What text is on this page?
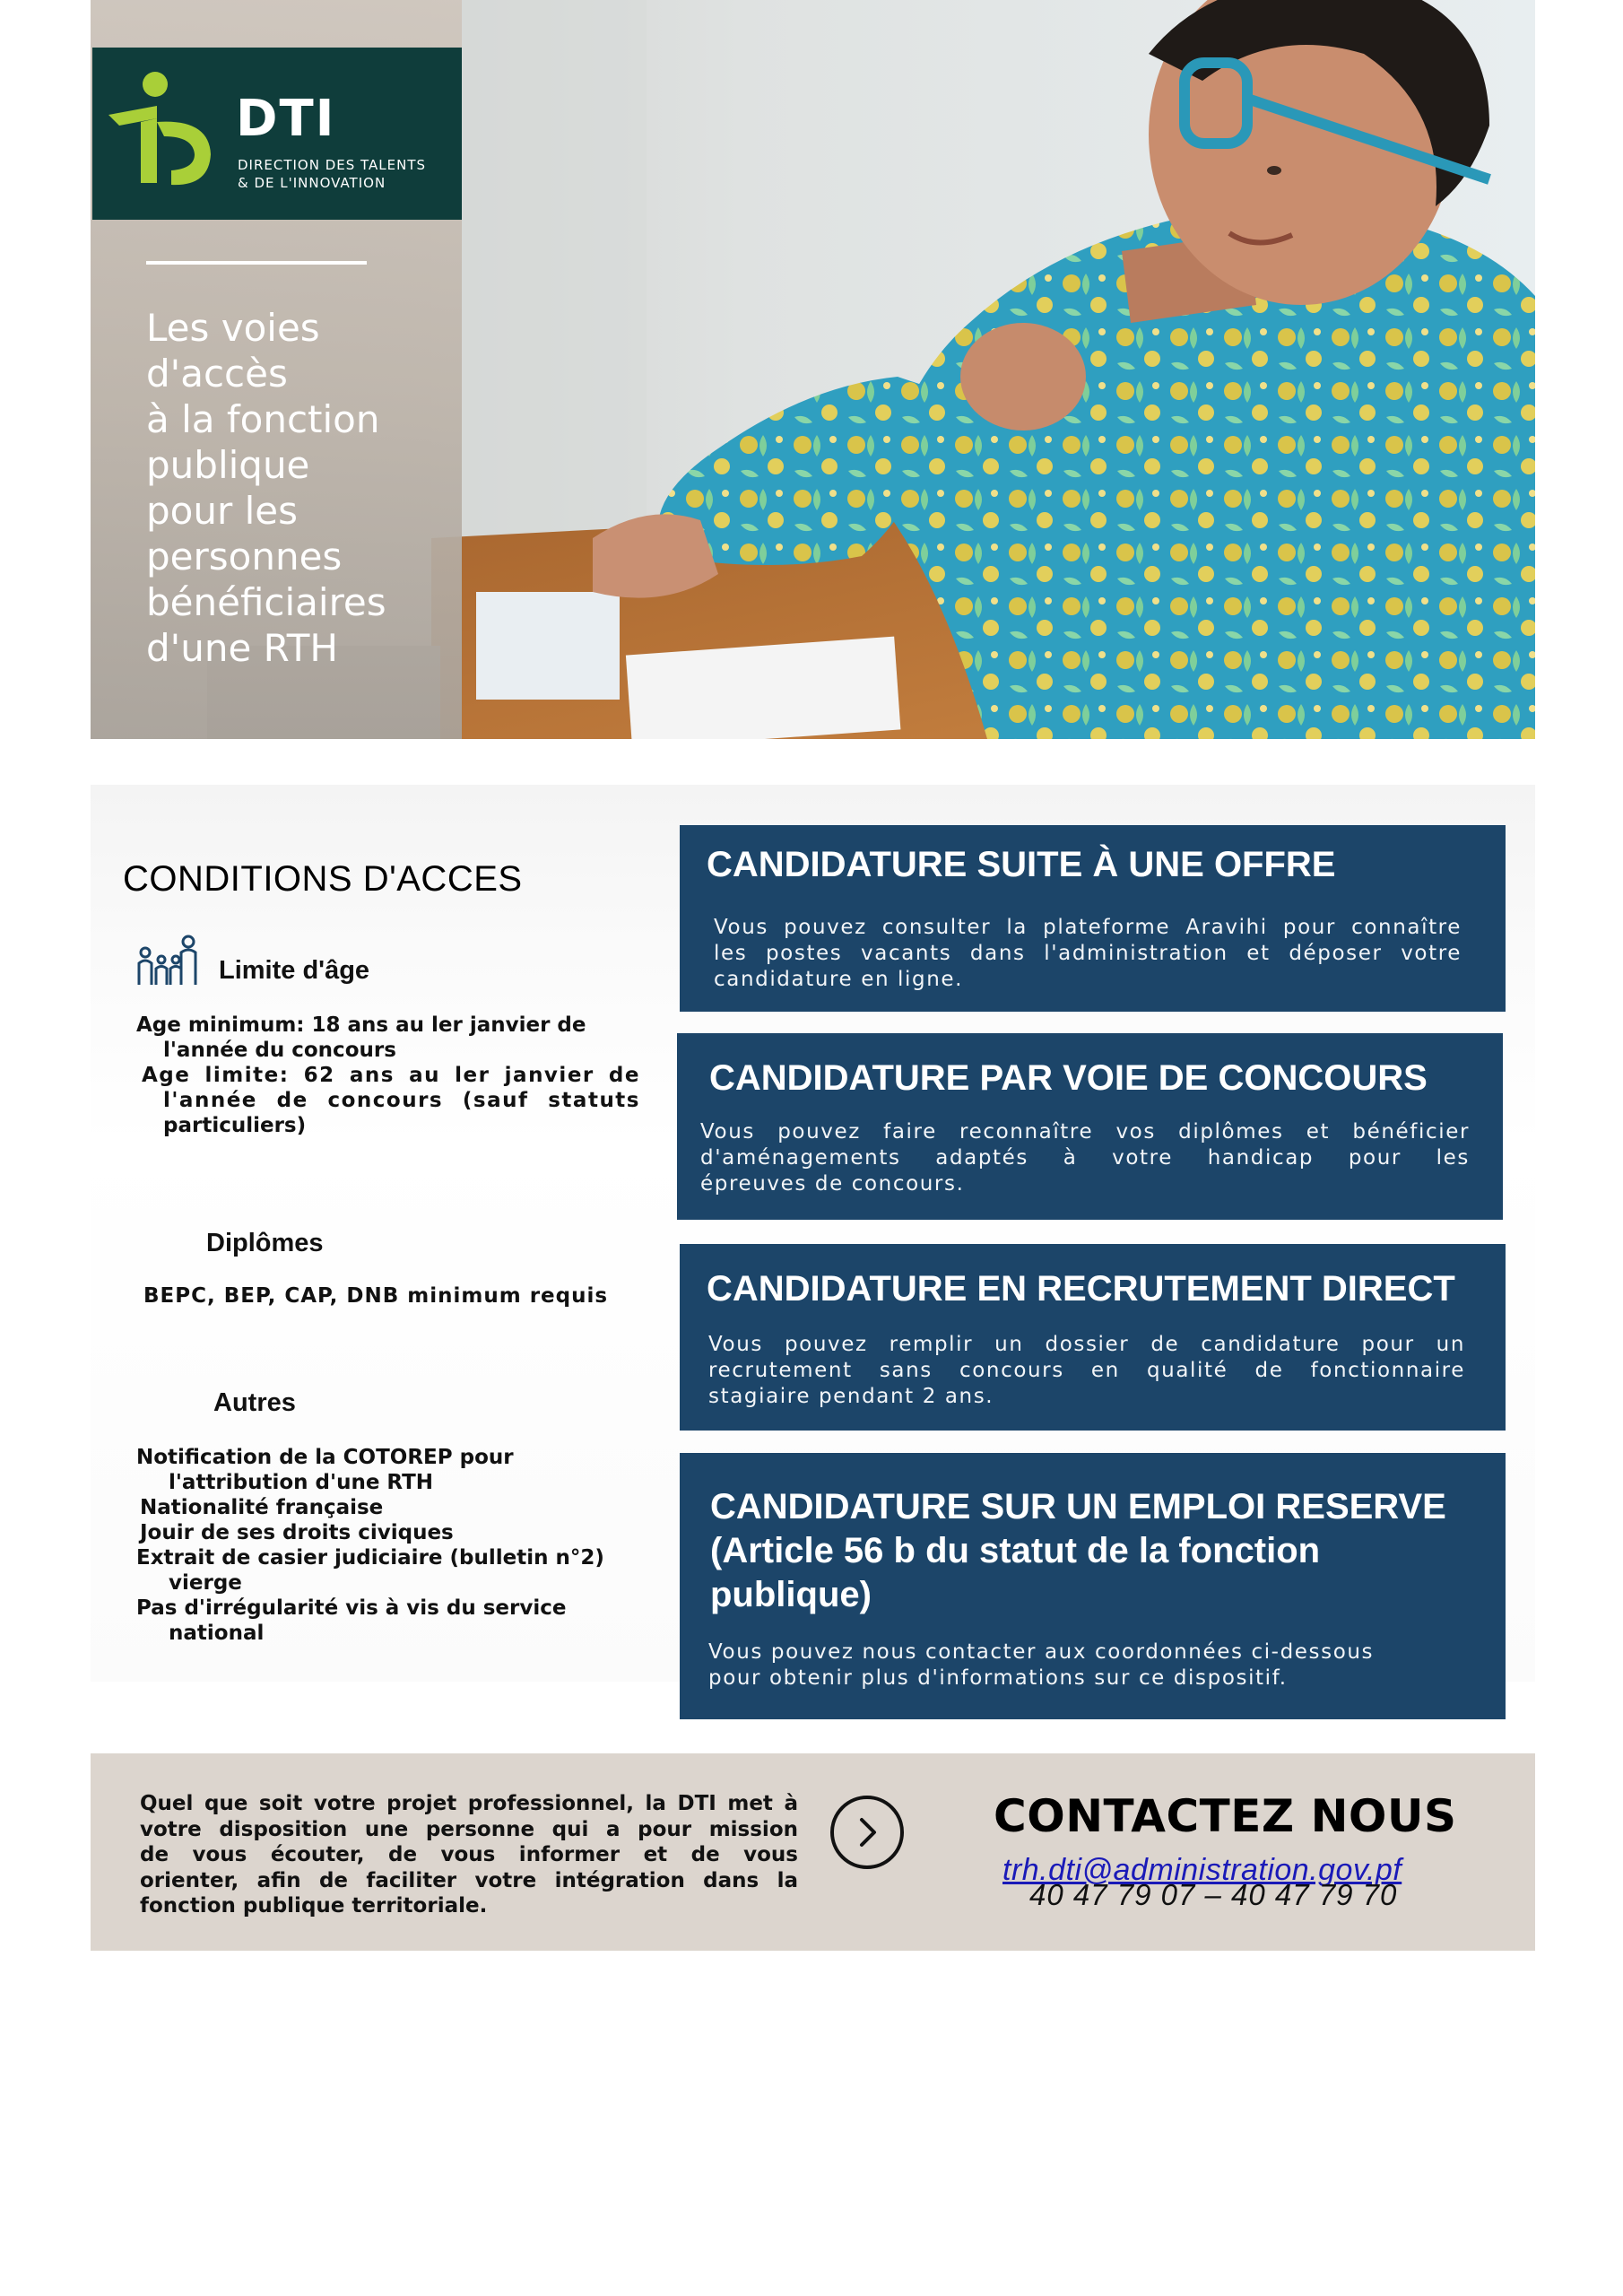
DTI
DIRECTION DES TALENTS
& DE L'INNOVATION
Les voies
d'accès
à la fonction
publique
pour les
personnes
bénéficiaires
d'une RTH
CONDITIONS D'ACCES
Limite d'âge
Age minimum: 18 ans au ler janvier de
l'année du concours
Age limite: 62 ans au ler janvier de
l'année de concours (sauf statuts
particuliers)
Diplômes
BEPC, BEP, CAP, DNB minimum requis
Autres
Notification de la COTOREP pour
l'attribution d'une RTH
Nationalité française
Jouir de ses droits civiques
Extrait de casier judiciaire (bulletin n°2)
vierge
Pas d'irrégularité vis à vis du service
national
CANDIDATURE SUITE À UNE OFFRE
Vous pouvez consulter la plateforme Aravihi pour connaître
les postes vacants dans l'administration et déposer votre
candidature en ligne.
CANDIDATURE PAR VOIE DE CONCOURS
Vous pouvez faire reconnaître vos diplômes et bénéficier
d'aménagements adaptés à votre handicap pour les
épreuves de concours.
CANDIDATURE EN RECRUTEMENT DIRECT
Vous pouvez remplir un dossier de candidature pour un
recrutement sans concours en qualité de fonctionnaire
stagiaire pendant 2 ans.
CANDIDATURE SUR UN EMPLOI RESERVE
(Article 56 b du statut de la fonction
publique)
Vous pouvez nous contacter aux coordonnées ci-dessous
pour obtenir plus d'informations sur ce dispositif.
Quel que soit votre projet professionnel, la DTI met à
votre disposition une personne qui a pour mission
de vous écouter, de vous informer et de vous
orienter, afin de faciliter votre intégration dans la
fonction publique territoriale.
CONTACTEZ NOUS
trh.dti@administration.gov.pf
40 47 79 07 – 40 47 79 70
